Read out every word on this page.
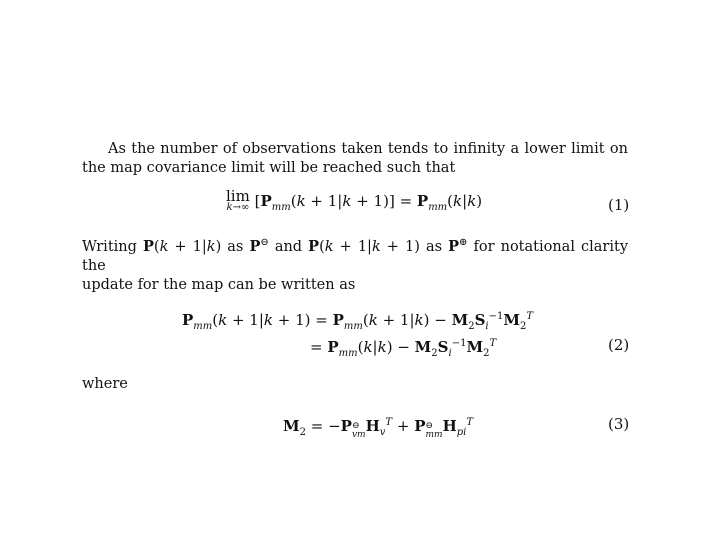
As the number of observations taken tends to infinity a lower limit on the map covariance limit will be reached such that
lim
k→∞ $[P_{mm}(k + 1|k + 1)] = P_{mm}(k|k)$	(1)
Writing P(k + 1|k) as P⊖ and P(k + 1|k + 1) as P⊕ for notational clarity the
update for the map can be written as
$P_{mm}(k + 1|k + 1) = P_{mm}(k + 1|k) - M_2S_i^{-1}M_2^T$
= $P_{mm}(k|k) - M_2S_i^{-1}M_2^T$	(2)
where
$M_2 = -P$ ⊖
vm $H_v^T + P$ ⊖
mm $H_{pi}^T$	(3)
